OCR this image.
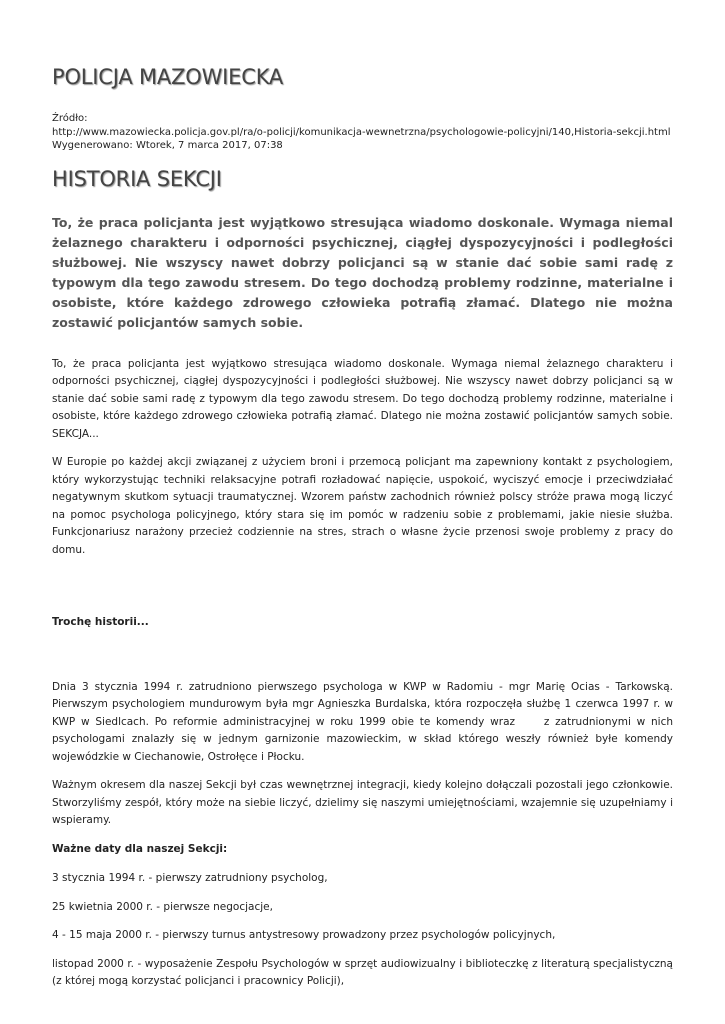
POLICJA MAZOWIECKA
Źródło:
http://www.mazowiecka.policja.gov.pl/ra/o-policji/komunikacja-wewnetrzna/psychologowie-policyjni/140,Historia-sekcji.html
Wygenerowano: Wtorek, 7 marca 2017, 07:38
HISTORIA SEKCJI
To, że praca policjanta jest wyjątkowo stresująca wiadomo doskonale. Wymaga niemal żelaznego charakteru i odporności psychicznej, ciągłej dyspozycyjności i podległości służbowej. Nie wszyscy nawet dobrzy policjanci są w stanie dać sobie sami radę z typowym dla tego zawodu stresem. Do tego dochodzą problemy rodzinne, materialne i osobiste, które każdego zdrowego człowieka potrafią złamać. Dlatego nie można zostawić policjantów samych sobie.
To, że praca policjanta jest wyjątkowo stresująca wiadomo doskonale. Wymaga niemal żelaznego charakteru i odporności psychicznej, ciągłej dyspozycyjności i podległości służbowej. Nie wszyscy nawet dobrzy policjanci są w stanie dać sobie sami radę z typowym dla tego zawodu stresem. Do tego dochodzą problemy rodzinne, materialne i osobiste, które każdego zdrowego człowieka potrafią złamać. Dlatego nie można zostawić policjantów samych sobie. SEKCJA...
W Europie po każdej akcji związanej z użyciem broni i przemocą policjant ma zapewniony kontakt z psychologiem, który wykorzystując techniki relaksacyjne potrafi rozładować napięcie, uspokoić, wyciszyć emocje i przeciwdziałać negatywnym skutkom sytuacji traumatycznej. Wzorem państw zachodnich również polscy stróże prawa mogą liczyć na pomoc psychologa policyjnego, który stara się im pomóc w radzeniu sobie z problemami, jakie niesie służba. Funkcjonariusz narażony przecież codziennie na stres, strach o własne życie przenosi swoje problemy z pracy do domu.
Trochę historii...
Dnia 3 stycznia 1994 r. zatrudniono pierwszego psychologa w KWP w Radomiu - mgr Marię Ocias - Tarkowską. Pierwszym psychologiem mundurowym była mgr Agnieszka Burdalska, która rozpoczęła służbę 1 czerwca 1997 r. w KWP w Siedlcach. Po reformie administracyjnej w roku 1999 obie te komendy wraz     z zatrudnionymi w nich psychologami znalazły się w jednym garnizonie mazowieckim, w skład którego weszły również byłe komendy wojewódzkie w Ciechanowie, Ostrołęce i Płocku.
Ważnym okresem dla naszej Sekcji był czas wewnętrznej integracji, kiedy kolejno dołączali pozostali jego członkowie. Stworzyliśmy zespół, który może na siebie liczyć, dzielimy się naszymi umiejętnościami, wzajemnie się uzupełniamy i wspieramy.
Ważne daty dla naszej Sekcji:
3 stycznia 1994 r. - pierwszy zatrudniony psycholog,
25 kwietnia 2000 r. - pierwsze negocjacje,
4 - 15 maja 2000 r. - pierwszy turnus antystresowy prowadzony przez psychologów policyjnych,
listopad 2000 r. - wyposażenie Zespołu Psychologów w sprzęt audiowizualny i biblioteczkę z literaturą specjalistyczną (z której mogą korzystać policjanci i pracownicy Policji),
